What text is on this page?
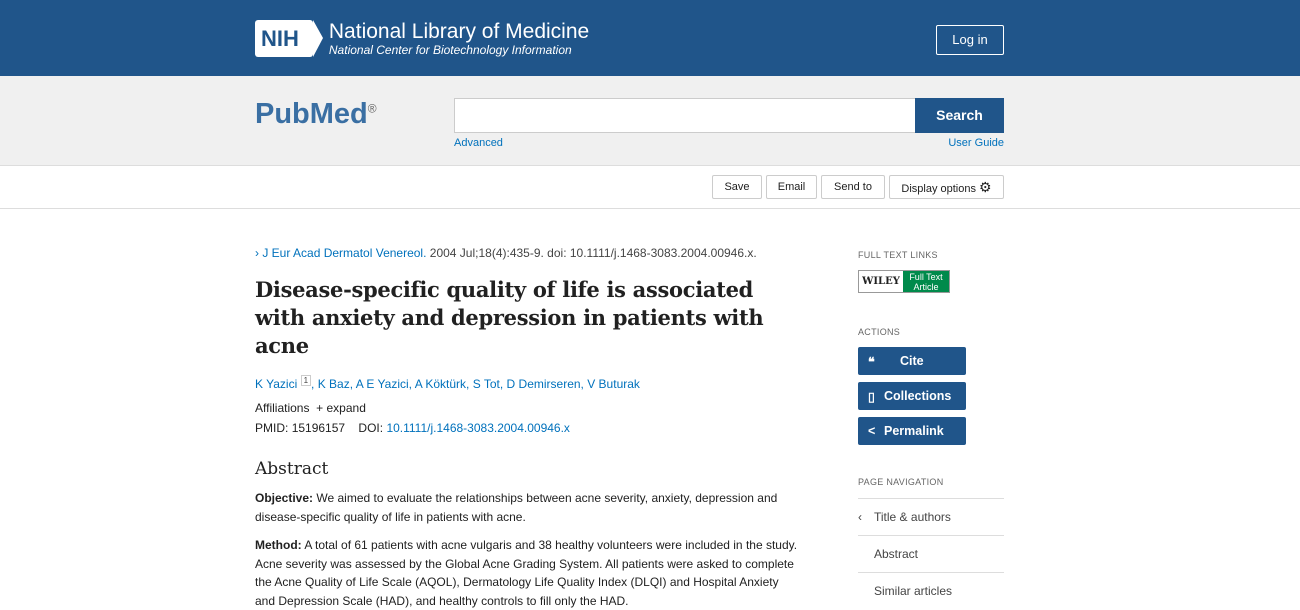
NIH	National Library of Medicine
National Center for Biotechnology Information
Log in
PubMed®	Search
Advanced	User Guide
Save	Email	Send to	Display options ⚙
› J Eur Acad Dermatol Venereol. 2004 Jul;18(4):435-9. doi: 10.1111/j.1468-3083.2004.00946.x.
Disease-specific quality of life is associated with anxiety and depression in patients with acne
K Yazici $^1$ , K Baz, A E Yazici, A Köktürk, S Tot, D Demirseren, V Buturak
Affiliations + expand
PMID: 15196157 DOI: 10.1111/j.1468-3083.2004.00946.x
Abstract

Objective: We aimed to evaluate the relationships between acne severity, anxiety, depression and disease-specific quality of life in patients with acne.

Method: A total of 61 patients with acne vulgaris and 38 healthy volunteers were included in the study. Acne severity was assessed by the Global Acne Grading System. All patients were asked to complete the Acne Quality of Life Scale (AQOL), Dermatology Life Quality Index (DLQI) and Hospital Anxiety and Depression Scale (HAD), and healthy controls to fill only the HAD.

FULL TEXT LINKS
WILEY	Full Text Article
ACTIONS
❝	Cite
▯ Collections
< Permalink
PAGE NAVIGATION
‹ Title & authors
Abstract
Similar articles
